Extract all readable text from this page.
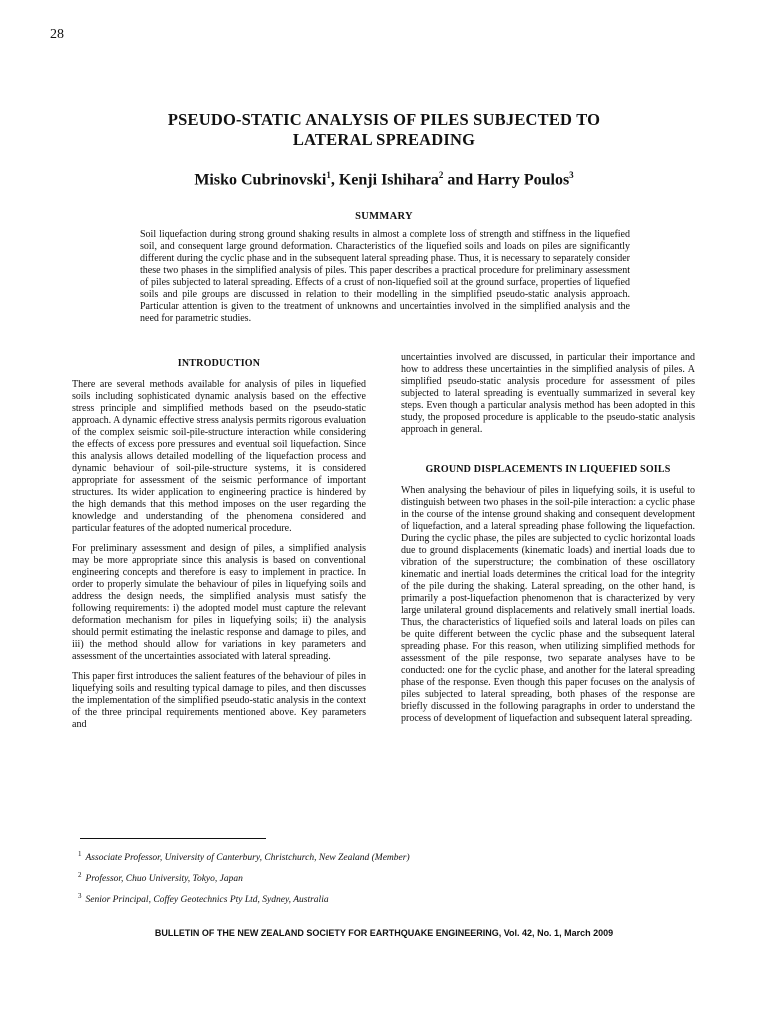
28
PSEUDO-STATIC ANALYSIS OF PILES SUBJECTED TO
LATERAL SPREADING
Misko Cubrinovski$^1$, Kenji Ishihara$^2$ and Harry Poulos$^3$
SUMMARY
Soil liquefaction during strong ground shaking results in almost a complete loss of strength and stiffness in the liquefied soil, and consequent large ground deformation. Characteristics of the liquefied soils and loads on piles are significantly different during the cyclic phase and in the subsequent lateral spreading phase. Thus, it is necessary to separately consider these two phases in the simplified analysis of piles. This paper describes a practical procedure for preliminary assessment of piles subjected to lateral spreading. Effects of a crust of non-liquefied soil at the ground surface, properties of liquefied soils and pile groups are discussed in relation to their modelling in the simplified pseudo-static analysis approach. Particular attention is given to the treatment of unknowns and uncertainties involved in the simplified analysis and the need for parametric studies.
INTRODUCTION

There are several methods available for analysis of piles in liquefied soils including sophisticated dynamic analysis based on the effective stress principle and simplified methods based on the pseudo-static approach. A dynamic effective stress analysis permits rigorous evaluation of the complex seismic soil-pile-structure interaction while considering the effects of excess pore pressures and eventual soil liquefaction. Since this analysis allows detailed modelling of the liquefaction process and dynamic behaviour of soil-pile-structure systems, it is considered appropriate for assessment of the seismic performance of important structures. Its wider application to engineering practice is hindered by the high demands that this method imposes on the user regarding the knowledge and understanding of the phenomena considered and particular features of the adopted numerical procedure.

For preliminary assessment and design of piles, a simplified analysis may be more appropriate since this analysis is based on conventional engineering concepts and therefore is easy to implement in practice. In order to properly simulate the behaviour of piles in liquefying soils and address the design needs, the simplified analysis must satisfy the following requirements: i) the adopted model must capture the relevant deformation mechanism for piles in liquefying soils; ii) the analysis should permit estimating the inelastic response and damage to piles, and iii) the method should allow for variations in key parameters and assessment of the uncertainties associated with lateral spreading.

This paper first introduces the salient features of the behaviour of piles in liquefying soils and resulting typical damage to piles, and then discusses the implementation of the simplified pseudo-static analysis in the context of the three principal requirements mentioned above. Key parameters and

uncertainties involved are discussed, in particular their importance and how to address these uncertainties in the simplified analysis of piles. A simplified pseudo-static analysis procedure for assessment of piles subjected to lateral spreading is eventually summarized in several key steps. Even though a particular analysis method has been adopted in this study, the proposed procedure is applicable to the pseudo-static analysis approach in general.

GROUND DISPLACEMENTS IN LIQUEFIED SOILS

When analysing the behaviour of piles in liquefying soils, it is useful to distinguish between two phases in the soil-pile interaction: a cyclic phase in the course of the intense ground shaking and consequent development of liquefaction, and a lateral spreading phase following the liquefaction. During the cyclic phase, the piles are subjected to cyclic horizontal loads due to ground displacements (kinematic loads) and inertial loads due to vibration of the superstructure; the combination of these oscillatory kinematic and inertial loads determines the critical load for the integrity of the pile during the shaking. Lateral spreading, on the other hand, is primarily a post-liquefaction phenomenon that is characterized by very large unilateral ground displacements and relatively small inertial loads. Thus, the characteristics of liquefied soils and lateral loads on piles can be quite different between the cyclic phase and the subsequent lateral spreading phase. For this reason, when utilizing simplified methods for assessment of the pile response, two separate analyses have to be conducted: one for the cyclic phase, and another for the lateral spreading phase of the response. Even though this paper focuses on the analysis of piles subjected to lateral spreading, both phases of the response are briefly discussed in the following paragraphs in order to understand the process of development of liquefaction and subsequent lateral spreading.

$^1$ Associate Professor, University of Canterbury, Christchurch, New Zealand (Member)
$^2$ Professor, Chuo University, Tokyo, Japan
$^3$ Senior Principal, Coffey Geotechnics Pty Ltd, Sydney, Australia
BULLETIN OF THE NEW ZEALAND SOCIETY FOR EARTHQUAKE ENGINEERING, Vol. 42, No. 1, March 2009
